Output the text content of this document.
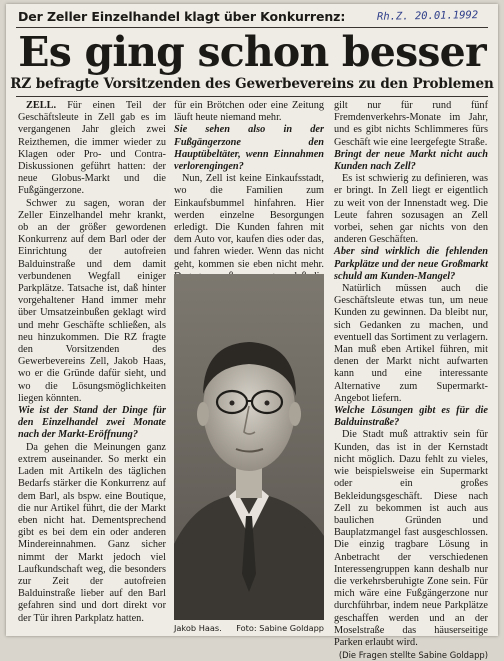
Der Zeller Einzelhandel klagt über Konkurrenz:	Rh.Z. 20.01.1992
Es ging schon besser
RZ befragte Vorsitzenden des Gewerbevereins zu den Problemen

ZELL. Für einen Teil der Geschäftsleute in Zell gab es im vergangenen Jahr gleich zwei Reizthemen, die immer wieder zu Klagen oder Pro- und Contra-Diskussionen geführt hatten: der neue Globus-Markt und die Fußgängerzone.

Schwer zu sagen, woran der Zeller Einzelhandel mehr krankt, ob an der größer gewordenen Konkurrenz auf dem Barl oder der Einrichtung der autofreien Balduinstraße und dem damit verbundenen Wegfall einiger Parkplätze. Tatsache ist, daß hinter vorgehaltener Hand immer mehr über Umsatzeinbußen geklagt wird und mehr Geschäfte schließen, als neu hinzukommen. Die RZ fragte den Vorsitzenden des Gewerbevereins Zell, Jakob Haas, wo er die Gründe dafür sieht, und wo die Lösungsmöglichkeiten liegen könnten.

Wie ist der Stand der Dinge für den Einzelhandel zwei Monate nach der Markt-Eröffnung?

Da gehen die Meinungen ganz extrem auseinander. So merkt ein Laden mit Artikeln des täglichen Bedarfs stärker die Konkurrenz auf dem Barl, als bspw. eine Boutique, die nur Artikel führt, die der Markt eben nicht hat. Dementsprechend gibt es bei dem ein oder anderen Mindereinnahmen. Ganz sicher nimmt der Markt jedoch viel Laufkundschaft weg, die besonders zur Zeit der autofreien Balduinstraße lieber auf den Barl gefahren sind und dort direkt vor der Tür ihren Parkplatz hatten.

für ein Brötchen oder eine Zeitung läuft heute niemand mehr.

Sie sehen also in der Fußgängerzone den Hauptübeltäter, wenn Einnahmen verlorengingen?

Nun, Zell ist keine Einkaufsstadt, wo die Familien zum Einkaufsbummel hinfahren. Hier werden einzelne Besorgungen erledigt. Die Kunden fahren mit dem Auto vor, kaufen dies oder das, und fahren wieder. Wenn das nicht geht, kommen sie eben nicht mehr.

Jakob Haas. Foto: Sabine Goldapp

gilt nur für rund fünf Fremdenverkehrs-Monate im Jahr, und es gibt nichts Schlimmeres fürs Geschäft wie eine leergefegte Straße.

Bringt der neue Markt nicht auch Kunden nach Zell?

Es ist schwierig zu definieren, was er bringt. In Zell liegt er eigentlich zu weit von der Innenstadt weg. Die Leute fahren sozusagen an Zell vorbei, sehen gar nichts von den anderen Geschäften.

Aber sind wirklich die fehlenden Parkplätze und der neue Großmarkt schuld am Kunden-Mangel?

Natürlich müssen auch die Geschäftsleute etwas tun, um neue Kunden zu gewinnen. Da bleibt nur, sich Gedanken zu machen, und eventuell das Sortiment zu verlagern. Man muß eben Artikel führen, mit denen der Markt nicht aufwarten kann und eine interessante Alternative zum Supermarkt-Angebot liefern.

Welche Lösungen gibt es für die Balduinstraße?

Die Stadt muß attraktiv sein für Kunden, das ist in der Kernstadt nicht möglich. Dazu fehlt zu vieles, wie beispielsweise ein Supermarkt oder ein großes Bekleidungsgeschäft. Diese nach Zell zu bekommen ist auch aus baulichen Gründen und Bauplatzmangel fast ausgeschlossen. Die einzig tragbare Lösung in Anbetracht der verschiedenen Interessengruppen kann deshalb nur die verkehrsberuhigte Zone sein. Für mich wäre eine Fußgängerzone nur durchführbar, indem neue Parkplätze geschaffen werden und an der Moselstraße das häuserseitige Parken erlaubt wird.

(Die Fragen stellte Sabine Goldapp)
